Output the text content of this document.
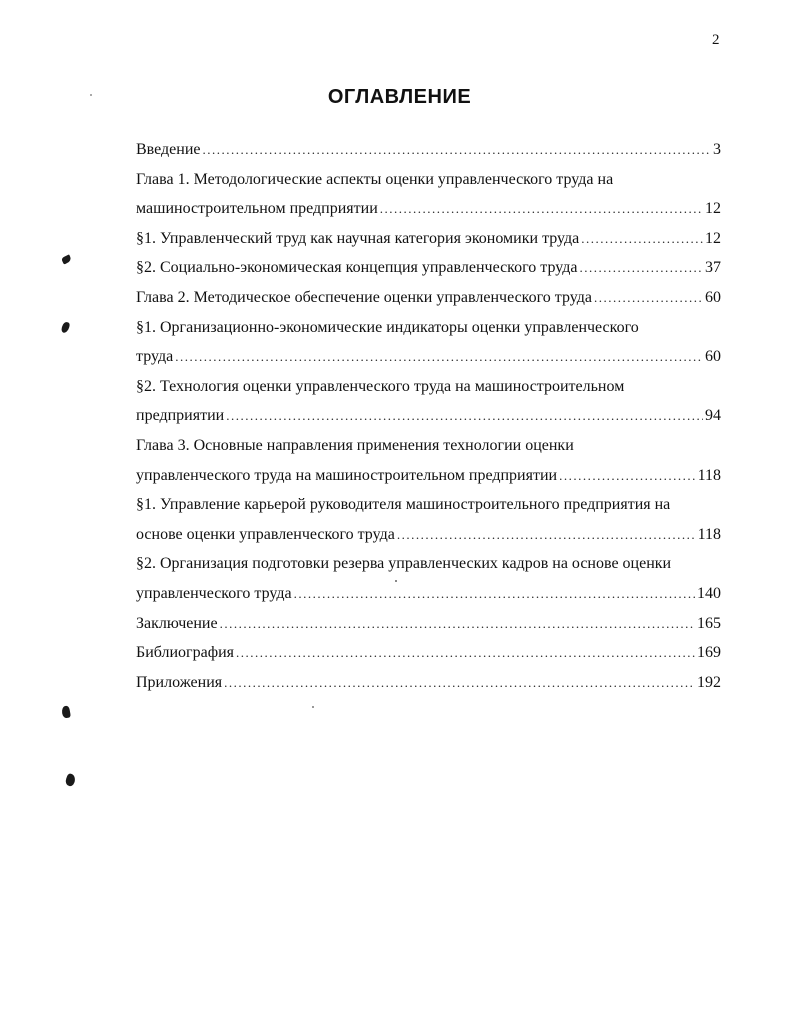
2
ОГЛАВЛЕНИЕ
Введение .....	3
Глава 1. Методологические аспекты оценки управленческого труда на
машиностроительном предприятии .....	12
§1. Управленческий труд как научная категория экономики труда .....	12
§2. Социально-экономическая концепция управленческого труда .....	37
Глава 2. Методическое обеспечение оценки управленческого труда .....	60
§1. Организационно-экономические индикаторы оценки управленческого
труда .....	60
§2. Технология оценки управленческого труда на машиностроительном
предприятии .....	94
Глава 3. Основные направления применения технологии оценки
управленческого труда на машиностроительном предприятии .....	118
§1. Управление карьерой руководителя машиностроительного предприятия на
основе оценки управленческого труда .....	118
§2. Организация подготовки резерва управленческих кадров на основе оценки
управленческого труда .....	140
Заключение .....	165
Библиография .....	169
Приложения .....	192
